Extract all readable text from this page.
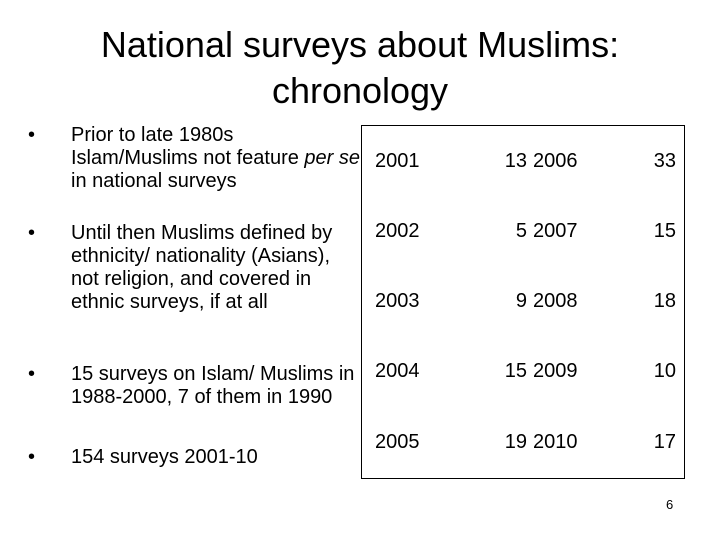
National surveys about Muslims:
chronology
•	Prior to late 1980s Islam/Muslims not feature per se in national surveys
•	Until then Muslims defined by ethnicity/ nationality (Asians), not religion, and covered in ethnic surveys, if at all
•	15 surveys on Islam/ Muslims in 1988-2000, 7 of them in 1990
•	154 surveys 2001-10
2001	13	2006	33
2002	5	2007	15
2003	9	2008	18
2004	15	2009	10
2005	19	2010	17
6
